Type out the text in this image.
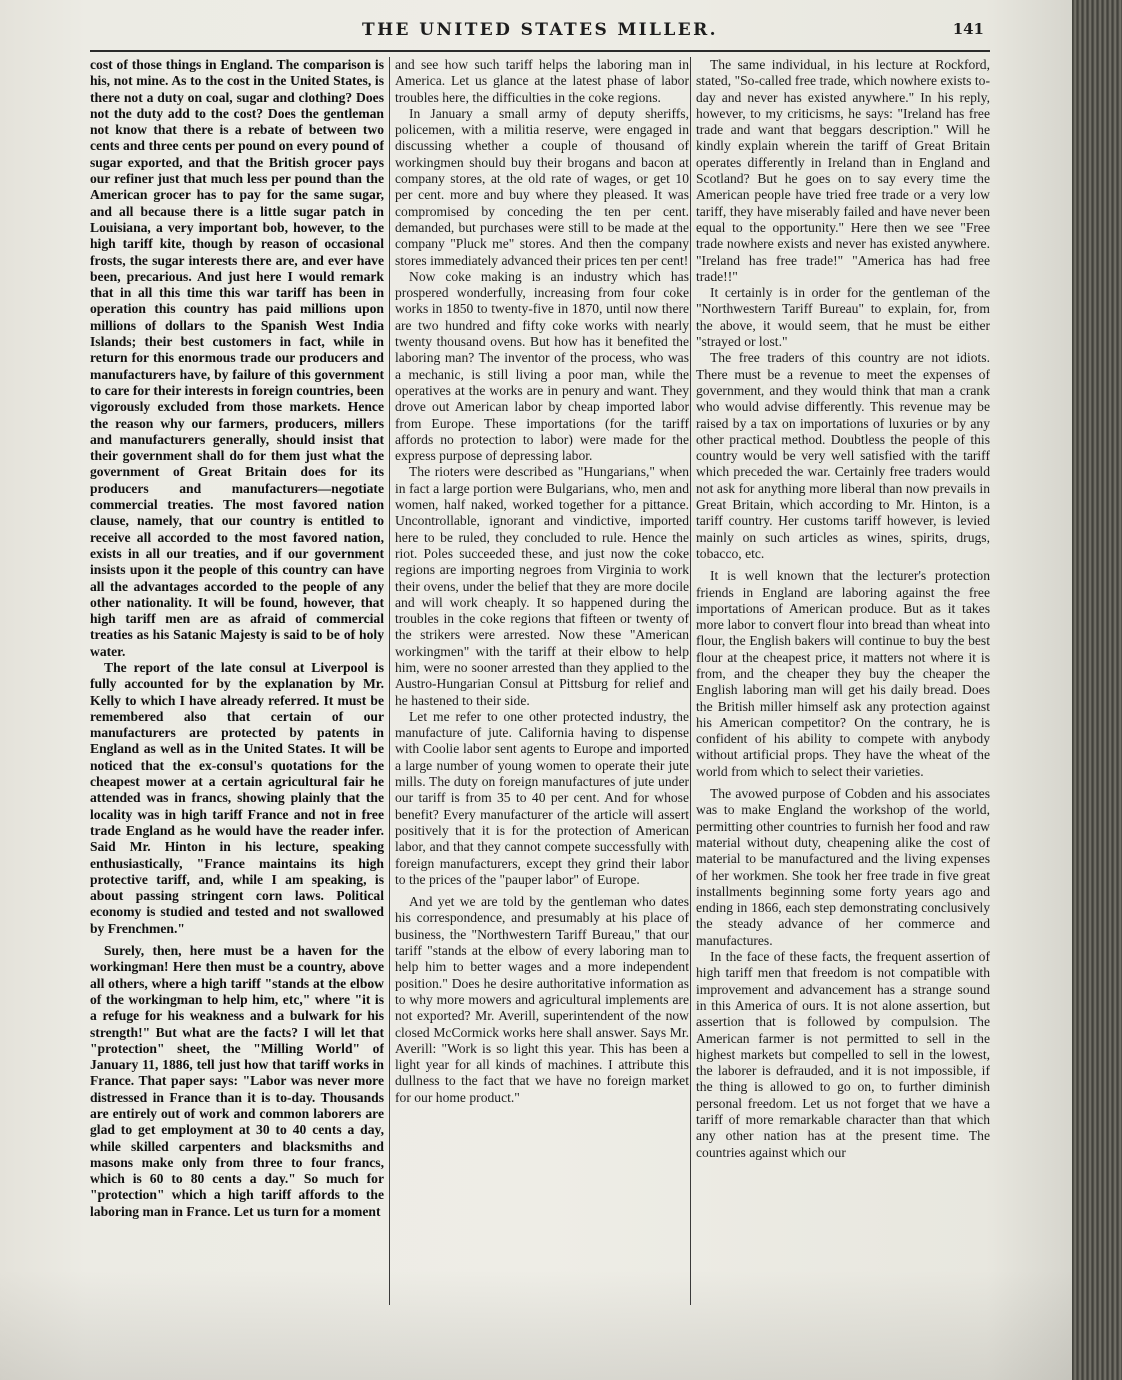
THE UNITED STATES MILLER.	141

cost of those things in England. The comparison is his, not mine. As to the cost in the United States, is there not a duty on coal, sugar and clothing? Does not the duty add to the cost? Does the gentleman not know that there is a rebate of between two cents and three cents per pound on every pound of sugar exported, and that the British grocer pays our refiner just that much less per pound than the American grocer has to pay for the same sugar, and all because there is a little sugar patch in Louisiana, a very important bob, however, to the high tariff kite, though by reason of occasional frosts, the sugar interests there are, and ever have been, precarious. And just here I would remark that in all this time this war tariff has been in operation this country has paid millions upon millions of dollars to the Spanish West India Islands; their best customers in fact, while in return for this enormous trade our producers and manufacturers have, by failure of this government to care for their interests in foreign countries, been vigorously excluded from those markets. Hence the reason why our farmers, producers, millers and manufacturers generally, should insist that their government shall do for them just what the government of Great Britain does for its producers and manufacturers—negotiate commercial treaties. The most favored nation clause, namely, that our country is entitled to receive all accorded to the most favored nation, exists in all our treaties, and if our government insists upon it the people of this country can have all the advantages accorded to the people of any other nationality. It will be found, however, that high tariff men are as afraid of commercial treaties as his Satanic Majesty is said to be of holy water.

The report of the late consul at Liverpool is fully accounted for by the explanation by Mr. Kelly to which I have already referred. It must be remembered also that certain of our manufacturers are protected by patents in England as well as in the United States. It will be noticed that the ex-consul's quotations for the cheapest mower at a certain agricultural fair he attended was in francs, showing plainly that the locality was in high tariff France and not in free trade England as he would have the reader infer. Said Mr. Hinton in his lecture, speaking enthusiastically, "France maintains its high protective tariff, and, while I am speaking, is about passing stringent corn laws. Political economy is studied and tested and not swallowed by Frenchmen."

Surely, then, here must be a haven for the workingman! Here then must be a country, above all others, where a high tariff "stands at the elbow of the workingman to help him, etc," where "it is a refuge for his weakness and a bulwark for his strength!" But what are the facts? I will let that "protection" sheet, the "Milling World" of January 11, 1886, tell just how that tariff works in France. That paper says: "Labor was never more distressed in France than it is to-day. Thousands are entirely out of work and common laborers are glad to get employment at 30 to 40 cents a day, while skilled carpenters and blacksmiths and masons make only from three to four francs, which is 60 to 80 cents a day." So much for "protection" which a high tariff affords to the laboring man in France. Let us turn for a moment

and see how such tariff helps the laboring man in America. Let us glance at the latest phase of labor troubles here, the difficulties in the coke regions.

In January a small army of deputy sheriffs, policemen, with a militia reserve, were engaged in discussing whether a couple of thousand of workingmen should buy their brogans and bacon at company stores, at the old rate of wages, or get 10 per cent. more and buy where they pleased. It was compromised by conceding the ten per cent. demanded, but purchases were still to be made at the company "Pluck me" stores. And then the company stores immediately advanced their prices ten per cent!

Now coke making is an industry which has prospered wonderfully, increasing from four coke works in 1850 to twenty-five in 1870, until now there are two hundred and fifty coke works with nearly twenty thousand ovens. But how has it benefited the laboring man? The inventor of the process, who was a mechanic, is still living a poor man, while the operatives at the works are in penury and want. They drove out American labor by cheap imported labor from Europe. These importations (for the tariff affords no protection to labor) were made for the express purpose of depressing labor.

The rioters were described as "Hungarians," when in fact a large portion were Bulgarians, who, men and women, half naked, worked together for a pittance. Uncontrollable, ignorant and vindictive, imported here to be ruled, they concluded to rule. Hence the riot. Poles succeeded these, and just now the coke regions are importing negroes from Virginia to work their ovens, under the belief that they are more docile and will work cheaply. It so happened during the troubles in the coke regions that fifteen or twenty of the strikers were arrested. Now these "American workingmen" with the tariff at their elbow to help him, were no sooner arrested than they applied to the Austro-Hungarian Consul at Pittsburg for relief and he hastened to their side.

Let me refer to one other protected industry, the manufacture of jute. California having to dispense with Coolie labor sent agents to Europe and imported a large number of young women to operate their jute mills. The duty on foreign manufactures of jute under our tariff is from 35 to 40 per cent. And for whose benefit? Every manufacturer of the article will assert positively that it is for the protection of American labor, and that they cannot compete successfully with foreign manufacturers, except they grind their labor to the prices of the "pauper labor" of Europe.

And yet we are told by the gentleman who dates his correspondence, and presumably at his place of business, the "Northwestern Tariff Bureau," that our tariff "stands at the elbow of every laboring man to help him to better wages and a more independent position." Does he desire authoritative information as to why more mowers and agricultural implements are not exported? Mr. Averill, superintendent of the now closed McCormick works here shall answer. Says Mr. Averill: "Work is so light this year. This has been a light year for all kinds of machines. I attribute this dullness to the fact that we have no foreign market for our home product."

The same individual, in his lecture at Rockford, stated, "So-called free trade, which nowhere exists to-day and never has existed anywhere." In his reply, however, to my criticisms, he says: "Ireland has free trade and want that beggars description." Will he kindly explain wherein the tariff of Great Britain operates differently in Ireland than in England and Scotland? But he goes on to say every time the American people have tried free trade or a very low tariff, they have miserably failed and have never been equal to the opportunity." Here then we see "Free trade nowhere exists and never has existed anywhere. "Ireland has free trade!" "America has had free trade!!"

It certainly is in order for the gentleman of the "Northwestern Tariff Bureau" to explain, for, from the above, it would seem, that he must be either "strayed or lost."

The free traders of this country are not idiots. There must be a revenue to meet the expenses of government, and they would think that man a crank who would advise differently. This revenue may be raised by a tax on importations of luxuries or by any other practical method. Doubtless the people of this country would be very well satisfied with the tariff which preceded the war. Certainly free traders would not ask for anything more liberal than now prevails in Great Britain, which according to Mr. Hinton, is a tariff country. Her customs tariff however, is levied mainly on such articles as wines, spirits, drugs, tobacco, etc.

It is well known that the lecturer's protection friends in England are laboring against the free importations of American produce. But as it takes more labor to convert flour into bread than wheat into flour, the English bakers will continue to buy the best flour at the cheapest price, it matters not where it is from, and the cheaper they buy the cheaper the English laboring man will get his daily bread. Does the British miller himself ask any protection against his American competitor? On the contrary, he is confident of his ability to compete with anybody without artificial props. They have the wheat of the world from which to select their varieties.

The avowed purpose of Cobden and his associates was to make England the workshop of the world, permitting other countries to furnish her food and raw material without duty, cheapening alike the cost of material to be manufactured and the living expenses of her workmen. She took her free trade in five great installments beginning some forty years ago and ending in 1866, each step demonstrating conclusively the steady advance of her commerce and manufactures.

In the face of these facts, the frequent assertion of high tariff men that freedom is not compatible with improvement and advancement has a strange sound in this America of ours. It is not alone assertion, but assertion that is followed by compulsion. The American farmer is not permitted to sell in the highest markets but compelled to sell in the lowest, the laborer is defrauded, and it is not impossible, if the thing is allowed to go on, to further diminish personal freedom. Let us not forget that we have a tariff of more remarkable character than that which any other nation has at the present time. The countries against which our
